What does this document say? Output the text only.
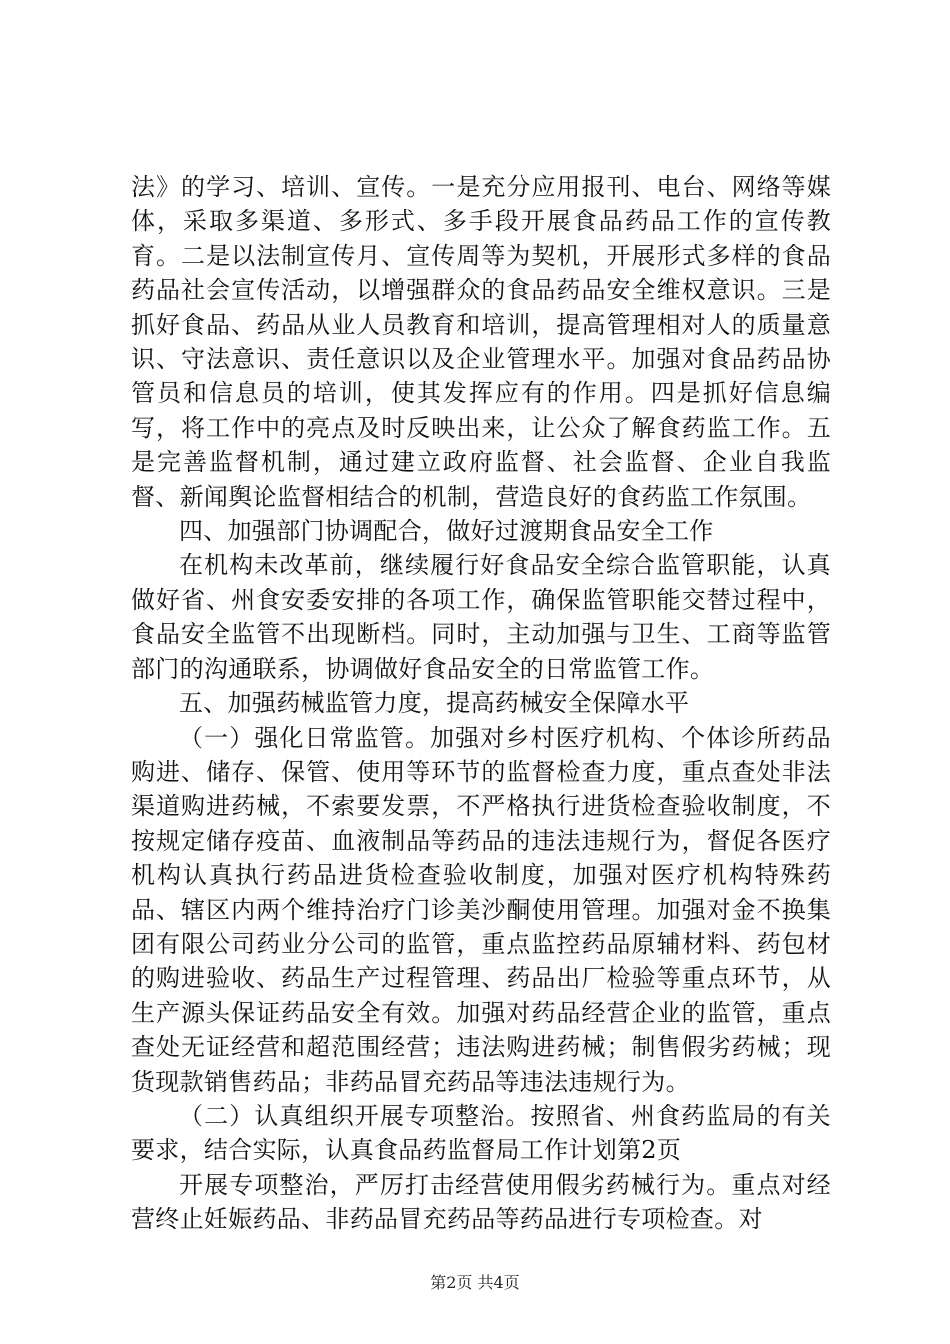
法》的学习、培训、宣传。一是充分应用报刊、电台、网络等媒体，采取多渠道、多形式、多手段开展食品药品工作的宣传教育。二是以法制宣传月、宣传周等为契机，开展形式多样的食品药品社会宣传活动，以增强群众的食品药品安全维权意识。三是抓好食品、药品从业人员教育和培训，提高管理相对人的质量意识、守法意识、责任意识以及企业管理水平。加强对食品药品协管员和信息员的培训，使其发挥应有的作用。四是抓好信息编写，将工作中的亮点及时反映出来，让公众了解食药监工作。五是完善监督机制，通过建立政府监督、社会监督、企业自我监督、新闻舆论监督相结合的机制，营造良好的食药监工作氛围。

四、加强部门协调配合，做好过渡期食品安全工作

在机构未改革前，继续履行好食品安全综合监管职能，认真做好省、州食安委安排的各项工作，确保监管职能交替过程中，食品安全监管不出现断档。同时，主动加强与卫生、工商等监管部门的沟通联系，协调做好食品安全的日常监管工作。

五、加强药械监管力度，提高药械安全保障水平

（一）强化日常监管。加强对乡村医疗机构、个体诊所药品购进、储存、保管、使用等环节的监督检查力度，重点查处非法渠道购进药械，不索要发票，不严格执行进货检查验收制度，不按规定储存疫苗、血液制品等药品的违法违规行为，督促各医疗机构认真执行药品进货检查验收制度，加强对医疗机构特殊药品、辖区内两个维持治疗门诊美沙酮使用管理。加强对金不换集团有限公司药业分公司的监管，重点监控药品原辅材料、药包材的购进验收、药品生产过程管理、药品出厂检验等重点环节，从生产源头保证药品安全有效。加强对药品经营企业的监管，重点查处无证经营和超范围经营；违法购进药械；制售假劣药械；现货现款销售药品；非药品冒充药品等违法违规行为。

（二）认真组织开展专项整治。按照省、州食药监局的有关要求，结合实际，认真食品药监督局工作计划第2页

开展专项整治，严厉打击经营使用假劣药械行为。重点对经营终止妊娠药品、非药品冒充药品等药品进行专项检查。对

第2页 共4页
